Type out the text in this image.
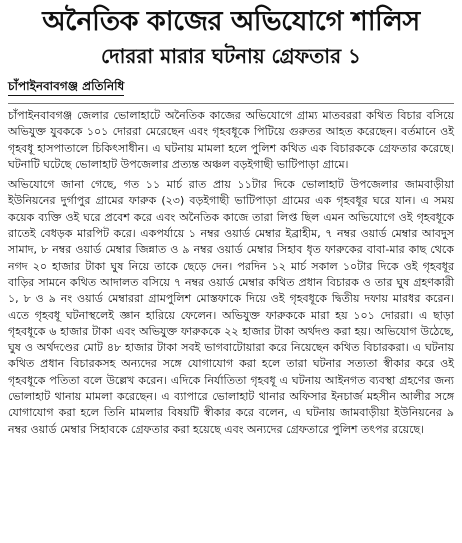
অনৈতিক কাজের অভিযোগে শালিস
দোররা মারার ঘটনায় গ্রেফতার ১
চাঁপাইনবাবগঞ্জ প্রতিনিধি

চাঁপাইনবাবগঞ্জ জেলার ভোলাহাটে অনৈতিক কাজের অভিযোগে গ্রাম্য মাতবররা কথিত বিচার বসিয়ে অভিযুক্ত যুবককে ১০১ দোররা মেরেছেন এবং গৃহবধূকে পিটিয়ে গুরুতর আহত করেছেন। বর্তমানে ওই গৃহবধূ হাসপাতালে চিকিৎসাধীন। এ ঘটনায় মামলা হলে পুলিশ কথিত এক বিচারককে গ্রেফতার করেছে। ঘটনাটি ঘটেছে ভোলাহাট উপজেলার প্রত্যন্ত অঞ্চল বড়ইগাছী ভাটিপাড়া গ্রামে।

অভিযোগে জানা গেছে, গত ১১ মার্চ রাত প্রায় ১১টার দিকে ভোলাহাট উপজেলার জামবাড়ীয়া ইউনিয়নের দুর্গাপুর গ্রামের ফারুক (২৩) বড়ইগাছী ভাটিপাড়া গ্রামের এক গৃহবধূর ঘরে যান। এ সময় কয়েক ব্যক্তি ওই ঘরে প্রবেশ করে এবং অনৈতিক কাজে তারা লিপ্ত ছিল এমন অভিযোগে ওই গৃহবধূকে রাতেই বেধড়ক মারপিট করে। একপর্যায়ে ১ নম্বর ওয়ার্ড মেম্বার ইব্রাহীম, ৭ নম্বর ওয়ার্ড মেম্বার আবদুস সামাদ, ৮ নম্বর ওয়ার্ড মেম্বার জিন্নাত ও ৯ নম্বর ওয়ার্ড মেম্বার সিহাব ধৃত ফারুকের বাবা-মার কাছ থেকে নগদ ২০ হাজার টাকা ঘুষ নিয়ে তাকে ছেড়ে দেন। পরদিন ১২ মার্চ সকাল ১০টার দিকে ওই গৃহবধূর বাড়ির সামনে কথিত আদালত বসিয়ে ৭ নম্বর ওয়ার্ড মেম্বার কথিত প্রধান বিচারক ও তার ঘুষ গ্রহণকারী ১, ৮ ও ৯ নং ওয়ার্ড মেম্বাররা গ্রামপুলিশ মোস্তফাকে দিয়ে ওই গৃহবধূকে দ্বিতীয় দফায় মারধর করেন। এতে গৃহবধূ ঘটনাস্থলেই জ্ঞান হারিয়ে ফেলেন। অভিযুক্ত ফারুককে মারা হয় ১০১ দোররা। এ ছাড়া গৃহবধূকে ৬ হাজার টাকা এবং অভিযুক্ত ফারুককে ২২ হাজার টাকা অর্থদণ্ড করা হয়। অভিযোগ উঠেছে, ঘুষ ও অর্থদণ্ডের মোট ৪৮ হাজার টাকা সবই ভাগবাটোয়ারা করে নিয়েছেন কথিত বিচারকরা। এ ঘটনায় কথিত প্রধান বিচারকসহ অন্যদের সঙ্গে যোগাযোগ করা হলে তারা ঘটনার সত্যতা স্বীকার করে ওই গৃহবধূকে পতিতা বলে উল্লেখ করেন। এদিকে নির্যাতিতা গৃহবধূ এ ঘটনায় আইনগত ব্যবস্থা গ্রহণের জন্য ভোলাহাট থানায় মামলা করেছেন। এ ব্যাপারে ভোলাহাট থানার অফিসার ইনচার্জ মহসীন আলীর সঙ্গে যোগাযোগ করা হলে তিনি মামলার বিষয়টি স্বীকার করে বলেন, এ ঘটনায় জামবাড়ীয়া ইউনিয়নের ৯ নম্বর ওয়ার্ড মেম্বার সিহাবকে গ্রেফতার করা হয়েছে এবং অন্যদের গ্রেফতারে পুলিশ তৎপর রয়েছে।
